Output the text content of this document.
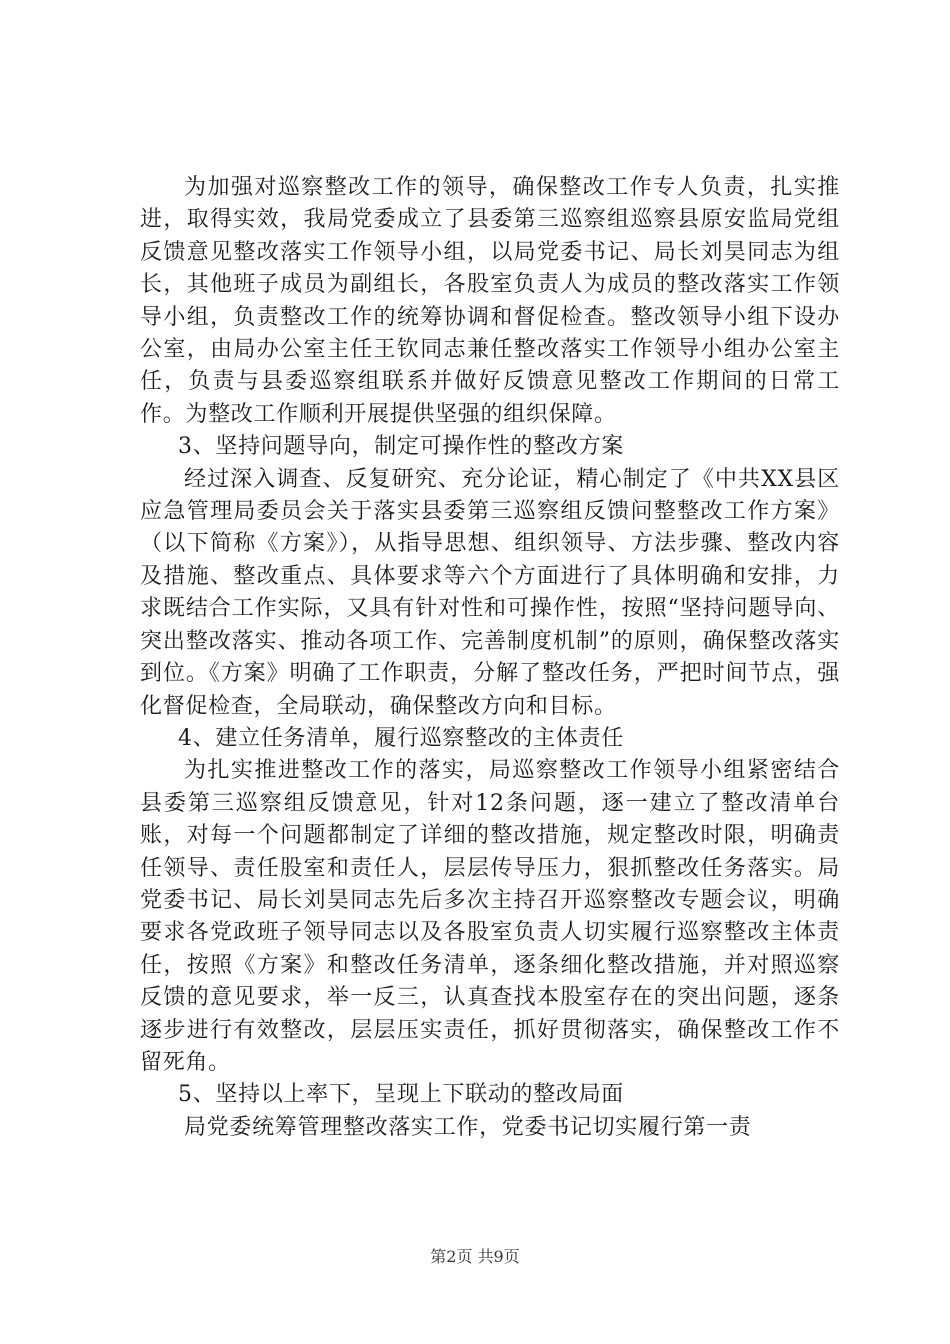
为加强对巡察整改工作的领导，确保整改工作专人负责，扎实推进，取得实效，我局党委成立了县委第三巡察组巡察县原安监局党组反馈意见整改落实工作领导小组，以局党委书记、局长刘昊同志为组长，其他班子成员为副组长，各股室负责人为成员的整改落实工作领导小组，负责整改工作的统筹协调和督促检查。整改领导小组下设办公室，由局办公室主任王钦同志兼任整改落实工作领导小组办公室主任，负责与县委巡察组联系并做好反馈意见整改工作期间的日常工作。为整改工作顺利开展提供坚强的组织保障。

3、坚持问题导向，制定可操作性的整改方案

经过深入调查、反复研究、充分论证，精心制定了《中共XX县区应急管理局委员会关于落实县委第三巡察组反馈问整整改工作方案》（以下简称《方案》），从指导思想、组织领导、方法步骤、整改内容及措施、整改重点、具体要求等六个方面进行了具体明确和安排，力求既结合工作实际，又具有针对性和可操作性，按照“坚持问题导向、突出整改落实、推动各项工作、完善制度机制”的原则，确保整改落实到位。《方案》明确了工作职责，分解了整改任务，严把时间节点，强化督促检查，全局联动，确保整改方向和目标。

4、建立任务清单，履行巡察整改的主体责任

为扎实推进整改工作的落实，局巡察整改工作领导小组紧密结合县委第三巡察组反馈意见，针对12条问题，逐一建立了整改清单台账，对每一个问题都制定了详细的整改措施，规定整改时限，明确责任领导、责任股室和责任人，层层传导压力，狠抓整改任务落实。局党委书记、局长刘昊同志先后多次主持召开巡察整改专题会议，明确要求各党政班子领导同志以及各股室负责人切实履行巡察整改主体责任，按照《方案》和整改任务清单，逐条细化整改措施，并对照巡察反馈的意见要求，举一反三，认真查找本股室存在的突出问题，逐条逐步进行有效整改，层层压实责任，抓好贯彻落实，确保整改工作不留死角。

5、坚持以上率下，呈现上下联动的整改局面

局党委统筹管理整改落实工作，党委书记切实履行第一责

第2页 共9页
